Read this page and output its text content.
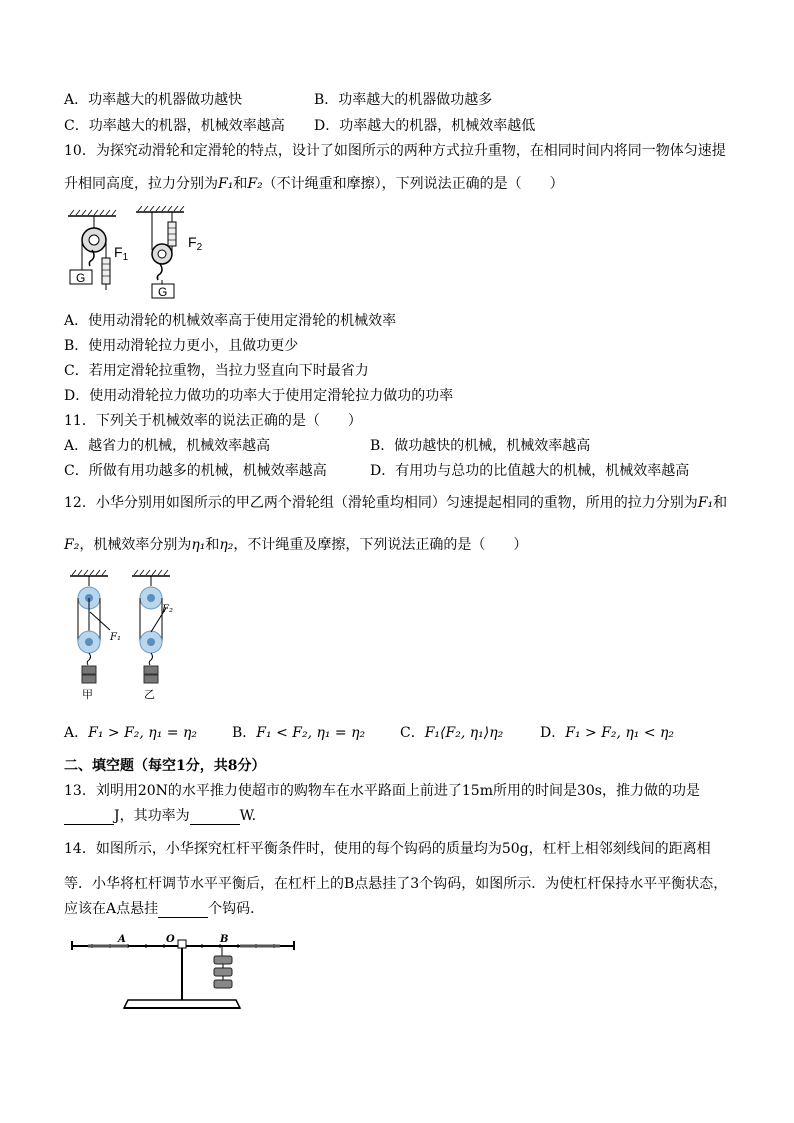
A．功率越大的机器做功越快	B．功率越大的机器做功越多
C．功率越大的机器，机械效率越高 D．功率越大的机器，机械效率越低
10．为探究动滑轮和定滑轮的特点，设计了如图所示的两种方式拉升重物，在相同时间内将同一物体匀速提
升相同高度，拉力分别为F₁和F₂（不计绳重和摩擦），下列说法正确的是（　　）
G
$F_1$
G
$F_2$
A．使用动滑轮的机械效率高于使用定滑轮的机械效率
B．使用动滑轮拉力更小，且做功更少
C．若用定滑轮拉重物，当拉力竖直向下时最省力
D．使用动滑轮拉力做功的功率大于使用定滑轮拉力做功的功率
11．下列关于机械效率的说法正确的是（　　）
A．越省力的机械，机械效率越高	B．做功越快的机械，机械效率越高
C．所做有用功越多的机械，机械效率越高	D．有用功与总功的比值越大的机械，机械效率越高
12．小华分别用如图所示的甲乙两个滑轮组（滑轮重均相同）匀速提起相同的重物，所用的拉力分别为F₁和
F₂，机械效率分别为η₁和η₂，不计绳重及摩擦，下列说法正确的是（　　）
甲
F₁
乙
F₂
A．F₁ > F₂, η₁ = η₂	B．F₁ < F₂, η₁ = η₂ C．F₁⟨F₂, η₁⟩η₂	D．F₁ > F₂, η₁ < η₂
二、填空题（每空1分，共8分）
13．刘明用20N的水平推力使超市的购物车在水平路面上前进了15m所用的时间是30s，推力做的功是
J，其功率为	W.
14．如图所示，小华探究杠杆平衡条件时，使用的每个钩码的质量均为50g，杠杆上相邻刻线间的距离相
等．小华将杠杆调节水平平衡后，在杠杆上的B点悬挂了3个钩码，如图所示．为使杠杆保持水平平衡状态，
应该在A点悬挂	个钩码．
A	O	B
